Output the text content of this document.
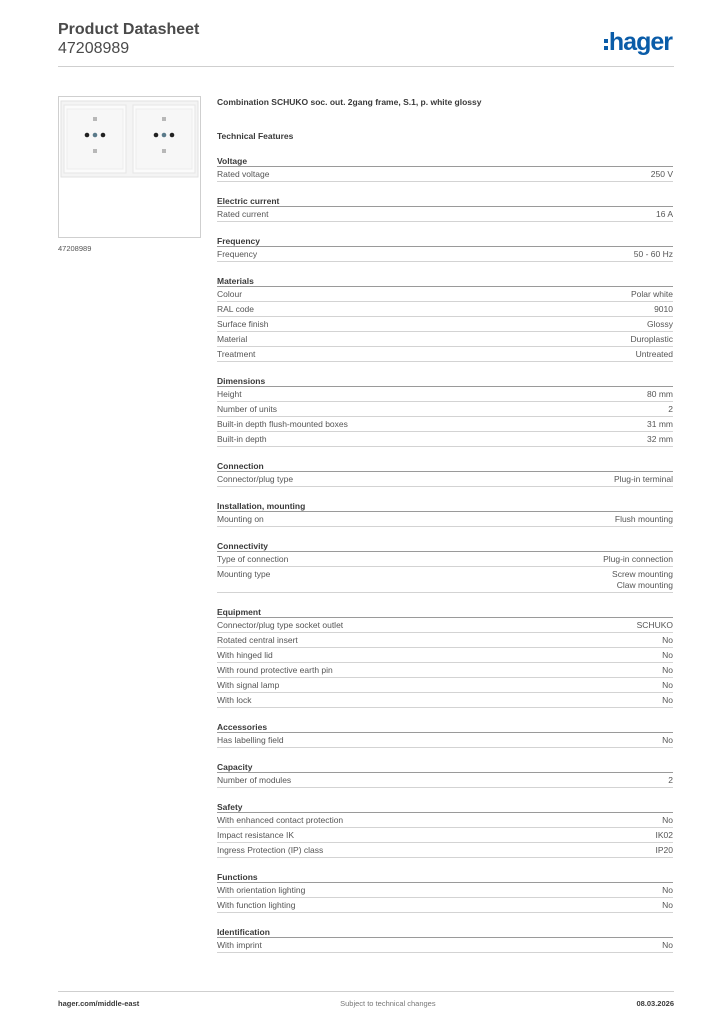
Product Datasheet
47208989	hager
47208989
Combination SCHUKO soc. out. 2gang frame, S.1, p. white glossy
Technical Features
Voltage
Rated voltage	250 V
Electric current
Rated current	16 A
Frequency
Frequency	50 - 60 Hz
Materials
Colour	Polar white
RAL code	9010
Surface finish	Glossy
Material	Duroplastic
Treatment	Untreated
Dimensions
Height	80 mm
Number of units	2
Built-in depth flush-mounted boxes	31 mm
Built-in depth	32 mm
Connection
Connector/plug type	Plug-in terminal
Installation, mounting
Mounting on	Flush mounting
Connectivity
Type of connection	Plug-in connection
Mounting type	Screw mounting
Claw mounting
Equipment
Connector/plug type socket outlet	SCHUKO
Rotated central insert	No
With hinged lid	No
With round protective earth pin	No
With signal lamp	No
With lock	No
Accessories
Has labelling field	No
Capacity
Number of modules	2
Safety
With enhanced contact protection	No
Impact resistance IK	IK02
Ingress Protection (IP) class	IP20
Functions
With orientation lighting	No
With function lighting	No
Identification
With imprint	No
hager.com/middle-east	Subject to technical changes	08.03.2026
